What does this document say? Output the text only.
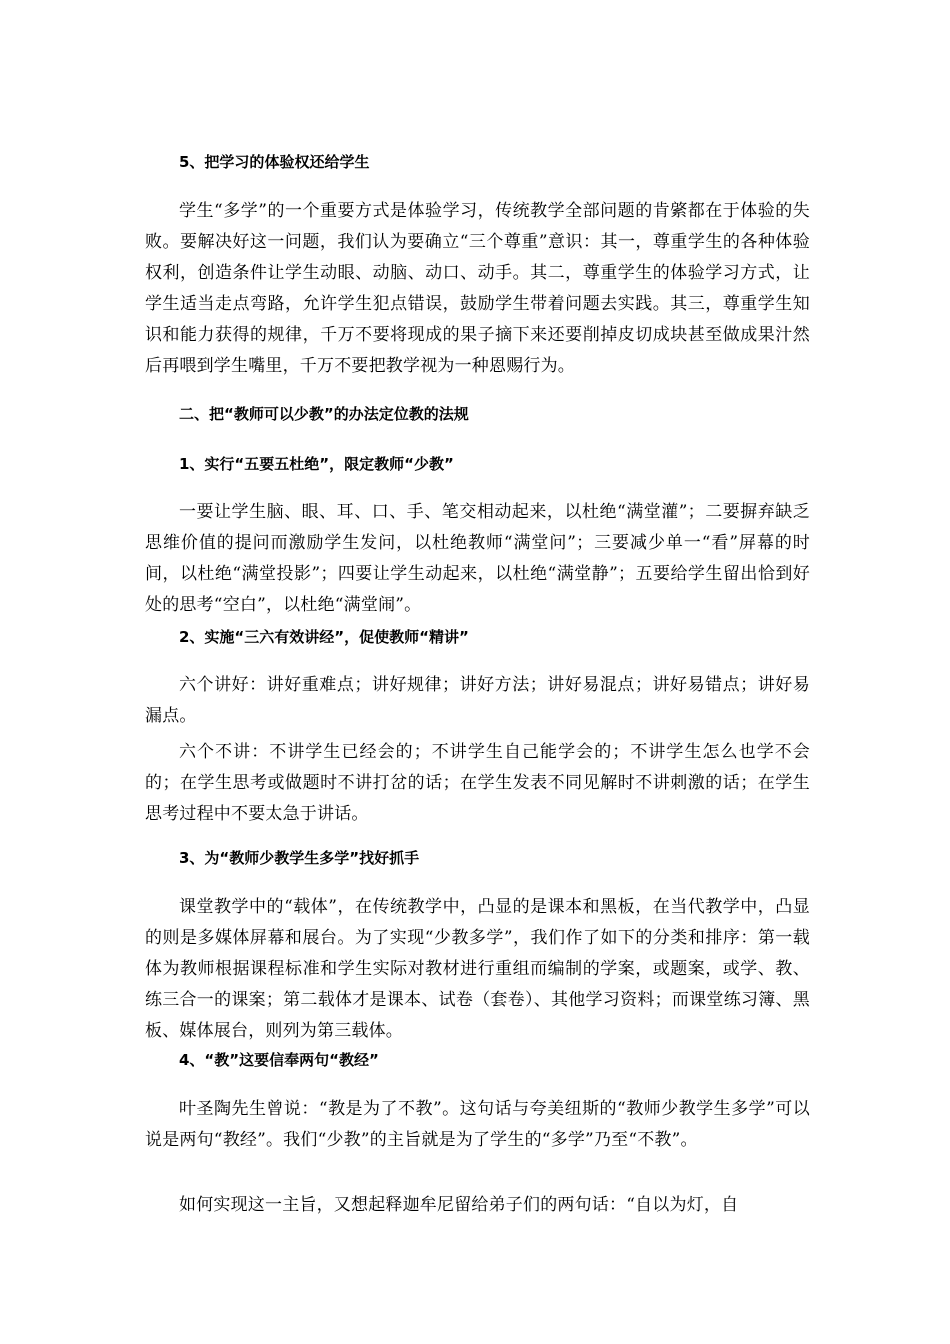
5、把学习的体验权还给学生
学生“多学”的一个重要方式是体验学习，传统教学全部问题的肯綮都在于体验的失败。要解决好这一问题，我们认为要确立“三个尊重”意识：其一，尊重学生的各种体验权利，创造条件让学生动眼、动脑、动口、动手。其二，尊重学生的体验学习方式，让学生适当走点弯路，允许学生犯点错误，鼓励学生带着问题去实践。其三，尊重学生知识和能力获得的规律，千万不要将现成的果子摘下来还要削掉皮切成块甚至做成果汁然后再喂到学生嘴里，千万不要把教学视为一种恩赐行为。
二、把“教师可以少教”的办法定位教的法规
1、实行“五要五杜绝”，限定教师“少教”
一要让学生脑、眼、耳、口、手、笔交相动起来，以杜绝“满堂灌”；二要摒弃缺乏思维价值的提问而激励学生发问，以杜绝教师“满堂问”；三要减少单一“看”屏幕的时间，以杜绝“满堂投影”；四要让学生动起来，以杜绝“满堂静”；五要给学生留出恰到好处的思考“空白”，以杜绝“满堂闹”。
2、实施“三六有效讲经”，促使教师“精讲”
六个讲好：讲好重难点；讲好规律；讲好方法；讲好易混点；讲好易错点；讲好易漏点。
六个不讲：不讲学生已经会的；不讲学生自己能学会的；不讲学生怎么也学不会的；在学生思考或做题时不讲打岔的话；在学生发表不同见解时不讲刺激的话；在学生思考过程中不要太急于讲话。
3、为“教师少教学生多学”找好抓手
课堂教学中的“载体”，在传统教学中，凸显的是课本和黑板，在当代教学中，凸显的则是多媒体屏幕和展台。为了实现“少教多学”，我们作了如下的分类和排序：第一载体为教师根据课程标准和学生实际对教材进行重组而编制的学案，或题案，或学、教、练三合一的课案；第二载体才是课本、试卷（套卷）、其他学习资料；而课堂练习簿、黑板、媒体展台，则列为第三载体。
4、“教”这要信奉两句“教经”
叶圣陶先生曾说：“教是为了不教”。这句话与夸美纽斯的“教师少教学生多学”可以说是两句“教经”。我们“少教”的主旨就是为了学生的“多学”乃至“不教”。
如何实现这一主旨，又想起释迦牟尼留给弟子们的两句话：“自以为灯，自
